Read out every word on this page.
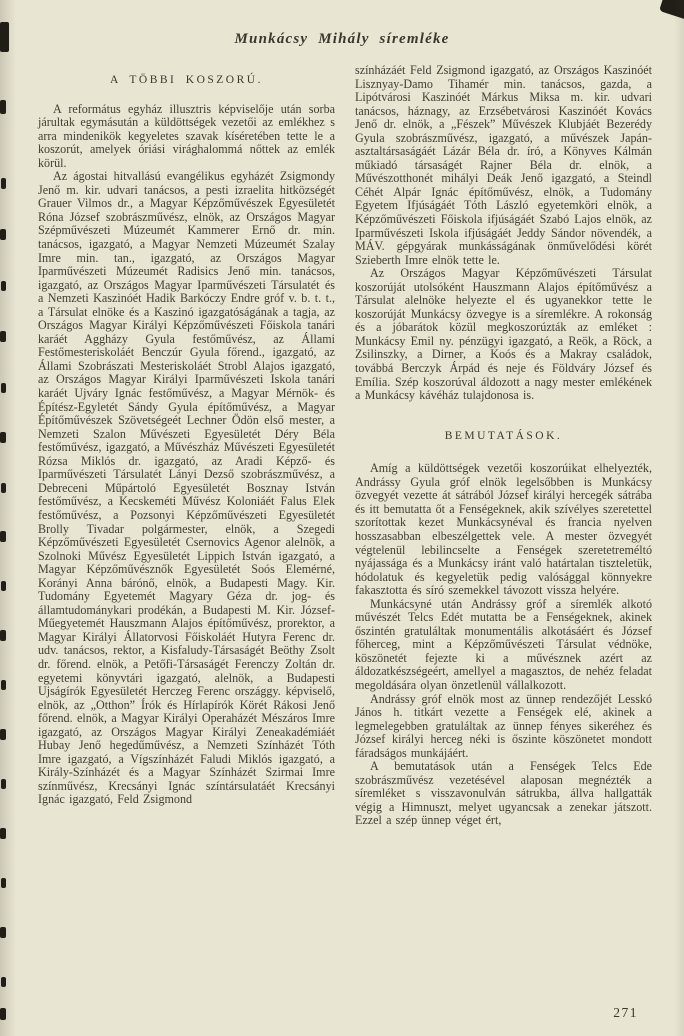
Munkácsy Mihály síremléke
A TÖBBI KOSZORÚ.

A református egyház illusztris képviselője után sorba járultak egymásután a küldöttségek vezetői az emlékhez s arra mindenikök kegyeletes szavak kíséretében tette le a koszorút, amelyek óriási virághalommá nőttek az emlék körül.

Az ágostai hitvallású evangélikus egyházét Zsigmondy Jenő m. kir. udvari tanácsos, a pesti izraelita hitközségét Grauer Vilmos dr., a Magyar Képzőművészek Egyesületét Róna József szobrászművész, elnök, az Országos Magyar Szépművészeti Múzeumét Kammerer Ernő dr. min. tanácsos, igazgató, a Magyar Nemzeti Múzeumét Szalay Imre min. tan., igazgató, az Országos Magyar Iparművészeti Múzeumét Radisics Jenő min. tanácsos, igazgató, az Országos Magyar Iparművészeti Társulatét és a Nemzeti Kaszinóét Hadik Barkóczy Endre gróf v. b. t. t., a Társulat elnöke és a Kaszinó igazgatóságának a tagja, az Országos Magyar Királyi Képzőművészeti Főiskola tanári karáét Aggházy Gyula festőművész, az Állami Festőmesteriskoláét Benczúr Gyula főrend., igazgató, az Állami Szobrászati Mesteriskoláét Strobl Alajos igazgató, az Országos Magyar Királyi Iparművészeti Iskola tanári karáét Ujváry Ignác festőművész, a Magyar Mérnök- és Építész-Egyletét Sándy Gyula építőművész, a Magyar Építőművészek Szövetségeét Lechner Ödön első mester, a Nemzeti Szalon Művészeti Egyesületét Déry Béla festőművész, igazgató, a Művészház Művészeti Egyesületét Rózsa Miklós dr. igazgató, az Aradi Képző- és Iparművészeti Társulatét Lányi Dezső szobrászművész, a Debreceni Műpártoló Egyesületét Bosznay István festőművész, a Kecskeméti Művész Koloniáét Falus Elek festőművész, a Pozsonyi Képzőművészeti Egyesületét Brolly Tivadar polgármester, elnök, a Szegedi Képzőművészeti Egyesületét Csernovics Agenor alelnök, a Szolnoki Művész Egyesületét Lippich István igazgató, a Magyar Képzőművésznők Egyesületét Soós Elemérné, Korányi Anna bárónő, elnök, a Budapesti Magy. Kir. Tudomány Egyetemét Magyary Géza dr. jog- és államtudománykari prodékán, a Budapesti M. Kir. József-Műegyetemét Hauszmann Alajos építőművész, prorektor, a Magyar Királyi Állatorvosi Főiskoláét Hutyra Ferenc dr. udv. tanácsos, rektor, a Kisfaludy-Társaságét Beöthy Zsolt dr. főrend. elnök, a Petőfi-Társaságét Ferenczy Zoltán dr. egyetemi könyvtári igazgató, alelnök, a Budapesti Ujságírók Egyesületét Herczeg Ferenc országgy. képviselő, elnök, az „Otthon” Írók és Hírlapírók Körét Rákosi Jenő főrend. elnök, a Magyar Királyi Operaházét Mészáros Imre igazgató, az Országos Magyar Királyi Zeneakadémiáét Hubay Jenő hegedűművész, a Nemzeti Színházét Tóth Imre igazgató, a Vígszínházét Faludi Miklós igazgató, a Király-Színházét és a Magyar Színházét Szirmai Imre színművész, Krecsányi Ignác színtársulatáét Krecsányi Ignác igazgató, Feld Zsigmond

színházáét Feld Zsigmond igazgató, az Országos Kaszinóét Lisznyay-Damo Tihamér min. tanácsos, gazda, a Lipótvárosi Kaszinóét Márkus Miksa m. kir. udvari tanácsos, háznagy, az Erzsébetvárosi Kaszinóét Kovács Jenő dr. elnök, a „Fészek” Művészek Klubjáét Bezerédy Gyula szobrászművész, igazgató, a művészek Japán-asztaltársaságáét Lázár Béla dr. író, a Könyves Kálmán műkiadó társaságét Rajner Béla dr. elnök, a Művészotthonét mihályi Deák Jenő igazgató, a Steindl Céhét Alpár Ignác építőművész, elnök, a Tudomány Egyetem Ifjúságáét Tóth László egyetemköri elnök, a Képzőművészeti Főiskola ifjúságáét Szabó Lajos elnök, az Iparművészeti Iskola ifjúságáét Jeddy Sándor növendék, a MÁV. gépgyárak munkásságának önművelődési körét Szieberth Imre elnök tette le.

Az Országos Magyar Képzőművészeti Társulat koszorúját utolsóként Hauszmann Alajos építőművész a Társulat alelnöke helyezte el és ugyanekkor tette le koszorúját Munkácsy özvegye is a síremlékre. A rokonság és a jóbarátok közül megkoszorúzták az emléket : Munkácsy Emil ny. pénzügyi igazgató, a Reök, a Röck, a Zsilinszky, a Dirner, a Koós és a Makray családok, továbbá Berczyk Árpád és neje és Földváry József és Emília. Szép koszorúval áldozott a nagy mester emlékének a Munkácsy kávéház tulajdonosa is.

BEMUTATÁSOK.

Amíg a küldöttségek vezetői koszorúikat elhelyezték, Andrássy Gyula gróf elnök legelsőbben is Munkácsy özvegyét vezette át sátrából József királyi hercegék sátrába és itt bemutatta őt a Fenségeknek, akik szívélyes szeretettel szorítottak kezet Munkácsynéval és francia nyelven hosszasabban elbeszélgettek vele. A mester özvegyét végtelenül lebilincselte a Fenségek szeretetreméltó nyájassága és a Munkácsy iránt való határtalan tiszteletük, hódolatuk és kegyeletük pedig valósággal könnyekre fakasztotta és síró szemekkel távozott vissza helyére.

Munkácsyné után Andrássy gróf a síremlék alkotó művészét Telcs Edét mutatta be a Fenségeknek, akinek őszintén gratuláltak monumentális alkotásáért és József főherceg, mint a Képzőművészeti Társulat védnöke, köszönetét fejezte ki a művésznek azért az áldozatkészségeért, amellyel a magasztos, de nehéz feladat megoldására olyan önzetlenül vállalkozott.

Andrássy gróf elnök most az ünnep rendezőjét Lesskó János h. titkárt vezette a Fenségek elé, akinek a legmelegebben gratuláltak az ünnep fényes sikeréhez és József királyi herceg néki is őszinte köszönetet mondott fáradságos munkájáért.

A bemutatások után a Fenségek Telcs Ede szobrászművész vezetésével alaposan megnézték a síremléket s visszavonulván sátrukba, állva hallgatták végig a Himnuszt, melyet ugyancsak a zenekar játszott. Ezzel a szép ünnep véget ért,

271
